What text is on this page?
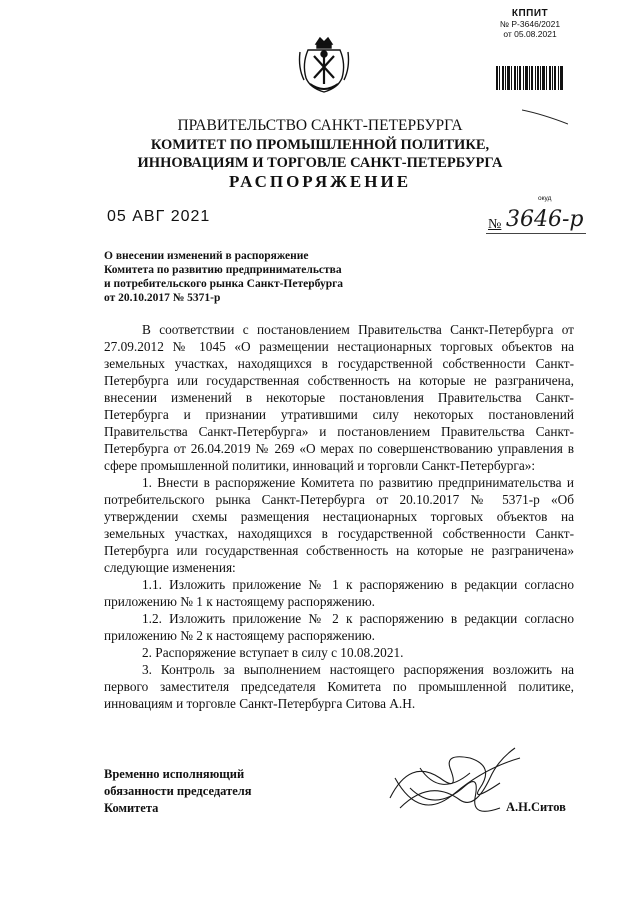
КППИТ
№ Р-3646/2021
от 05.08.2021
ПРАВИТЕЛЬСТВО САНКТ-ПЕТЕРБУРГА
КОМИТЕТ ПО ПРОМЫШЛЕННОЙ ПОЛИТИКЕ,
ИННОВАЦИЯМ И ТОРГОВЛЕ САНКТ-ПЕТЕРБУРГА
РАСПОРЯЖЕНИЕ
окуд
05 АВГ 2021	№ 3646-р
О внесении изменений в распоряжение
Комитета по развитию предпринимательства
и потребительского рынка Санкт-Петербурга
от 20.10.2017 № 5371-р

В соответствии с постановлением Правительства Санкт-Петербурга от 27.09.2012 № 1045 «О размещении нестационарных торговых объектов на земельных участках, находящихся в государственной собственности Санкт-Петербурга или государственная собственность на которые не разграничена, внесении изменений в некоторые постановления Правительства Санкт-Петербурга и признании утратившими силу некоторых постановлений Правительства Санкт-Петербурга» и постановлением Правительства Санкт-Петербурга от 26.04.2019 № 269 «О мерах по совершенствованию управления в сфере промышленной политики, инноваций и торговли Санкт-Петербурга»:

1. Внести в распоряжение Комитета по развитию предпринимательства и потребительского рынка Санкт-Петербурга от 20.10.2017 № 5371-р «Об утверждении схемы размещения нестационарных торговых объектов на земельных участках, находящихся в государственной собственности Санкт-Петербурга или государственная собственность на которые не разграничена» следующие изменения:

1.1. Изложить приложение № 1 к распоряжению в редакции согласно приложению № 1 к настоящему распоряжению.

1.2. Изложить приложение № 2 к распоряжению в редакции согласно приложению № 2 к настоящему распоряжению.

2. Распоряжение вступает в силу с 10.08.2021.

3. Контроль за выполнением настоящего распоряжения возложить на первого заместителя председателя Комитета по промышленной политике, инновациям и торговле Санкт-Петербурга Ситова А.Н.

Временно исполняющий
обязанности председателя
Комитета	А.Н.Ситов
